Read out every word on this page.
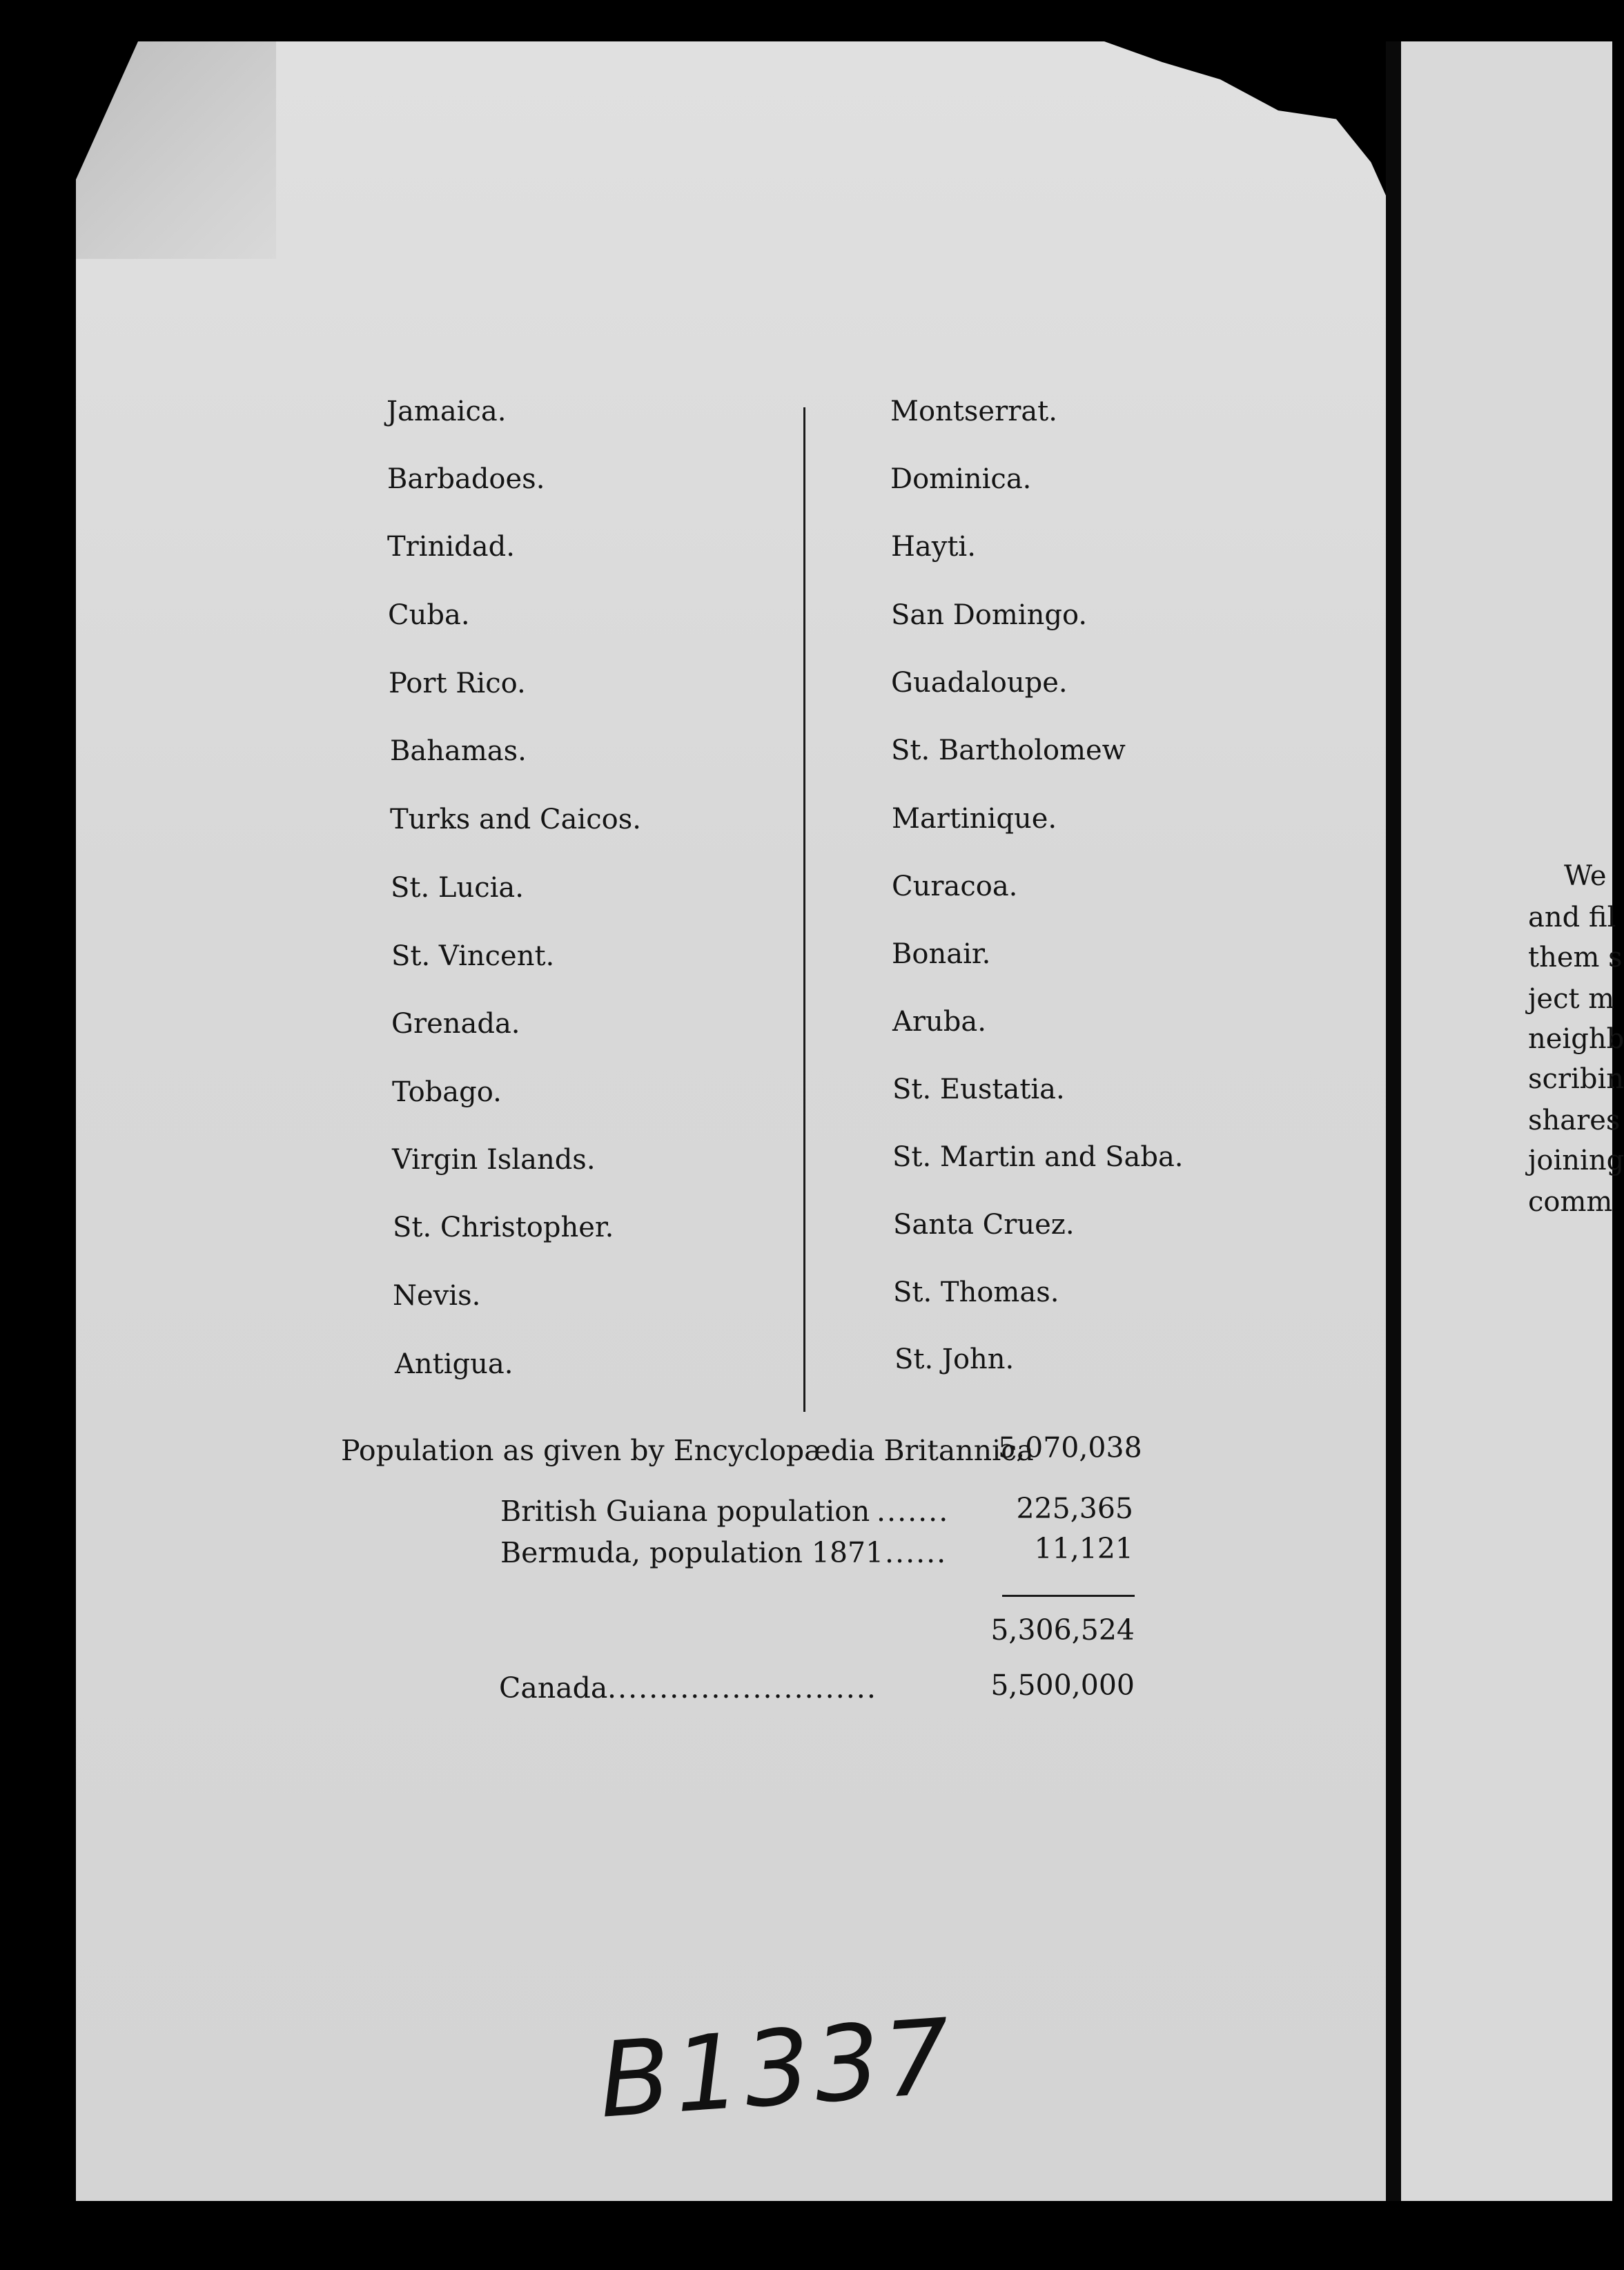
Jamaica.
Barbadoes.
Trinidad.
Cuba.
Port Rico.
Bahamas.
Turks and Caicos.
St. Lucia.
St. Vincent.
Grenada.
Tobago.
Virgin Islands.
St. Christopher.
Nevis.
Antigua.
Montserrat.
Dominica.
Hayti.
San Domingo.
Guadaloupe.
St. Bartholomew
Martinique.
Curacoa.
Bonair.
Aruba.
St. Eustatia.
St. Martin and Saba.
Santa Cruez.
St. Thomas.
St. John.
Population as given by Encyclopædia Britannica
5,070,038
British Guiana population .......	225,365
Bermuda, population 1871 ......	11,121
5,306,524
Canada ..........................	5,500,000
B1337
We
and fil
them s
ject m
neighb
scribin
shares
joining
comm
